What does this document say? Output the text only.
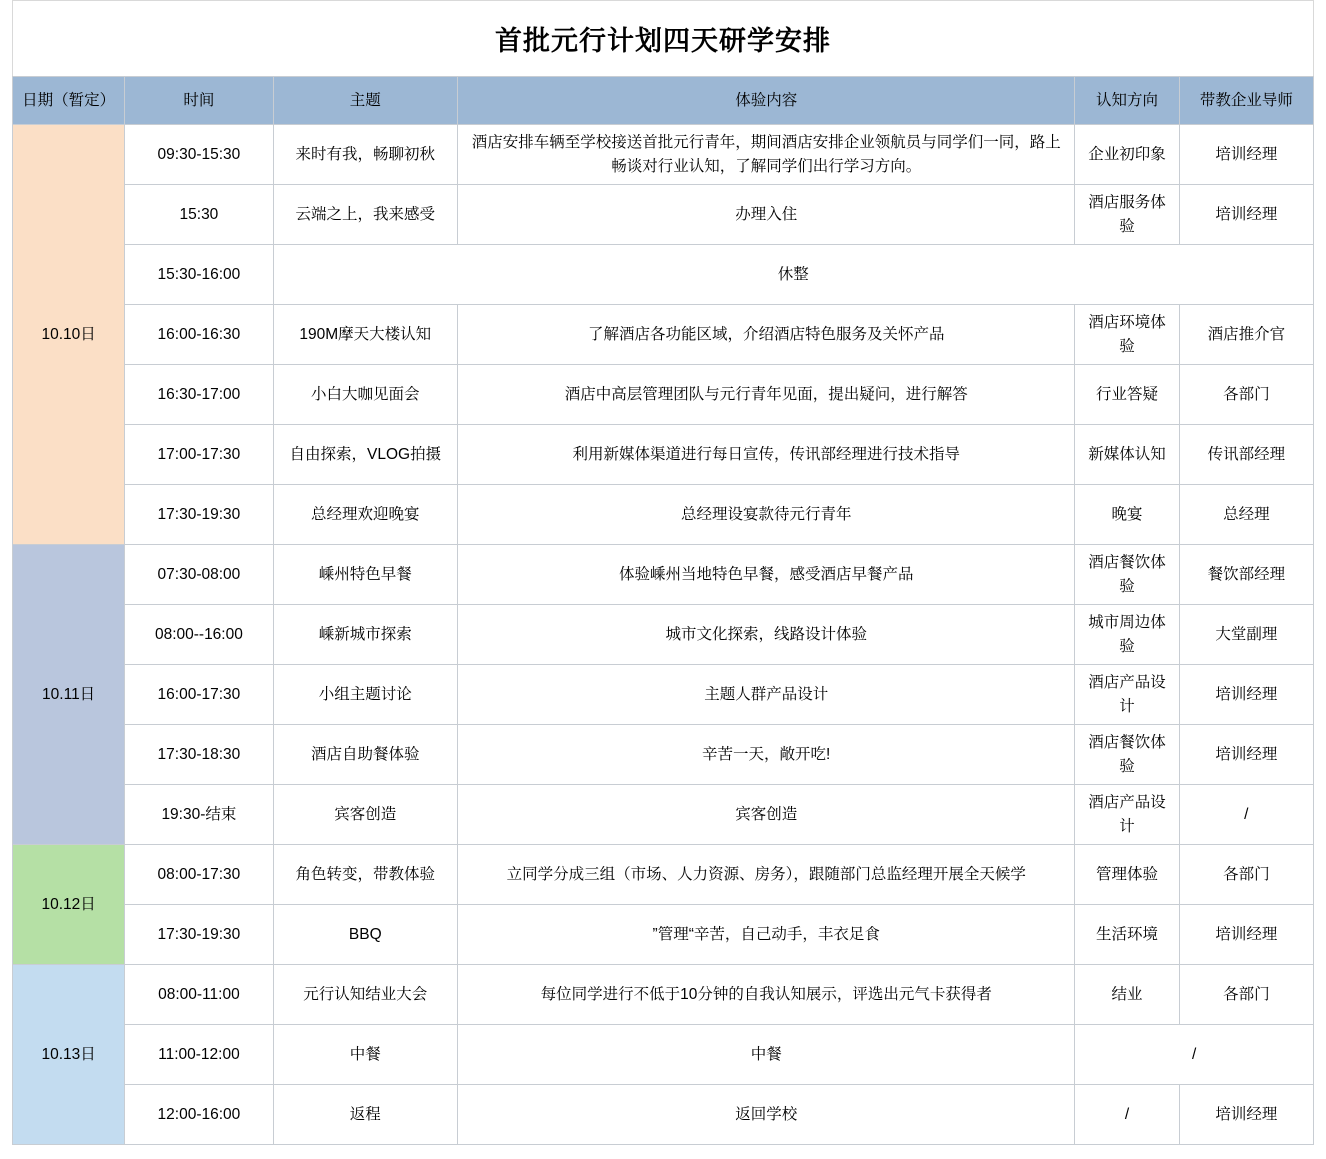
首批元行计划四天研学安排
日期（暂定）	时间	主题	体验内容	认知方向	带教企业导师
10.10日	09:30-15:30	来时有我，畅聊初秋	酒店安排车辆至学校接送首批元行青年，期间酒店安排企业领航员与同学们一同，路上畅谈对行业认知，了解同学们出行学习方向。	企业初印象	培训经理
	15:30	云端之上，我来感受	办理入住	酒店服务体验	培训经理
	15:30-16:00	休整			
	16:00-16:30	190M摩天大楼认知	了解酒店各功能区域，介绍酒店特色服务及关怀产品	酒店环境体验	酒店推介官
	16:30-17:00	小白大咖见面会	酒店中高层管理团队与元行青年见面，提出疑问，进行解答	行业答疑	各部门
	17:00-17:30	自由探索，VLOG拍摄	利用新媒体渠道进行每日宣传，传讯部经理进行技术指导	新媒体认知	传讯部经理
	17:30-19:30	总经理欢迎晚宴	总经理设宴款待元行青年	晚宴	总经理
10.11日	07:30-08:00	嵊州特色早餐	体验嵊州当地特色早餐，感受酒店早餐产品	酒店餐饮体验	餐饮部经理
	08:00--16:00	嵊新城市探索	城市文化探索，线路设计体验	城市周边体验	大堂副理
	16:00-17:30	小组主题讨论	主题人群产品设计	酒店产品设计	培训经理
	17:30-18:30	酒店自助餐体验	辛苦一天，敞开吃!	酒店餐饮体验	培训经理
	19:30-结束	宾客创造	宾客创造	酒店产品设计	/
10.12日	08:00-17:30	角色转变，带教体验	立同学分成三组（市场、人力资源、房务），跟随部门总监经理开展全天候学	管理体验	各部门
	17:30-19:30	BBQ	”管理“辛苦，自己动手，丰衣足食	生活环境	培训经理
10.13日	08:00-11:00	元行认知结业大会	每位同学进行不低于10分钟的自我认知展示，评选出元气卡获得者	结业	各部门
	11:00-12:00	中餐	中餐	/	
	12:00-16:00	返程	返回学校	/	培训经理
